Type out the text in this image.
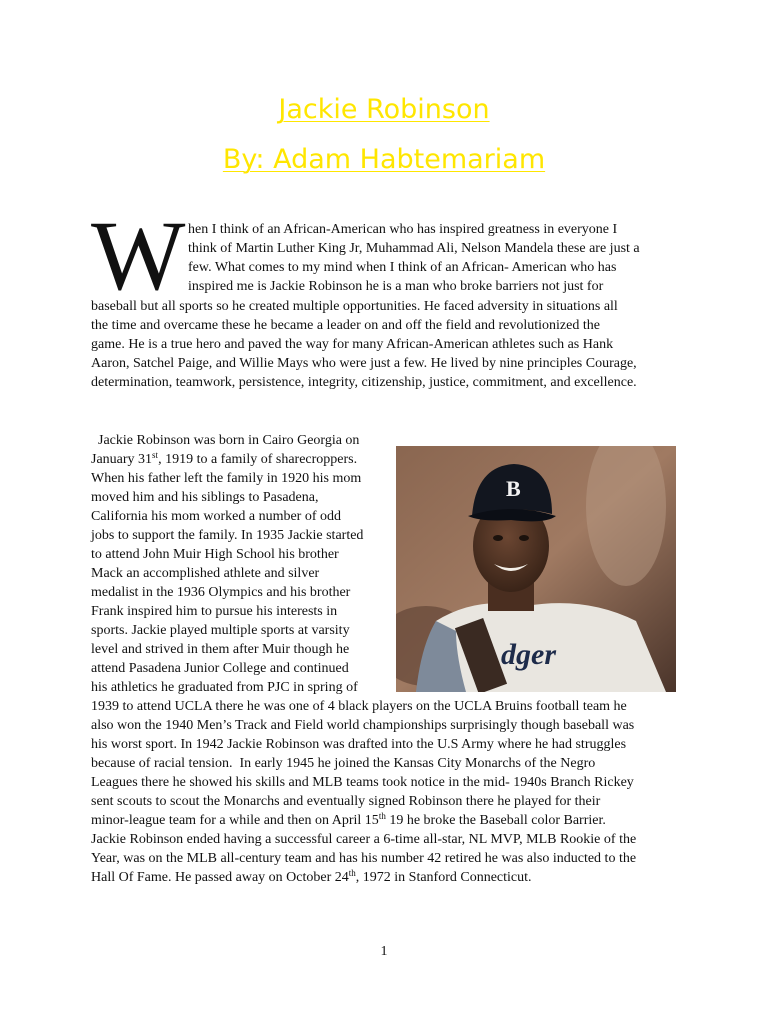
Jackie Robinson
By: Adam Habtemariam
W hen I think of an African-American who has inspired greatness in everyone I
think of Martin Luther King Jr, Muhammad Ali, Nelson Mandela these are just a
few. What comes to my mind when I think of an African- American who has
inspired me is Jackie Robinson he is a man who broke barriers not just for
baseball but all sports so he created multiple opportunities. He faced adversity in situations all
the time and overcame these he became a leader on and off the field and revolutionized the
game. He is a true hero and paved the way for many African-American athletes such as Hank
Aaron, Satchel Paige, and Willie Mays who were just a few. He lived by nine principles Courage,
determination, teamwork, persistence, integrity, citizenship, justice, commitment, and excellence.
Jackie Robinson was born in Cairo Georgia on
January 31st, 1919 to a family of sharecroppers.
When his father left the family in 1920 his mom
moved him and his siblings to Pasadena,
California his mom worked a number of odd
jobs to support the family. In 1935 Jackie started
to attend John Muir High School his brother
Mack an accomplished athlete and silver
medalist in the 1936 Olympics and his brother
Frank inspired him to pursue his interests in
sports. Jackie played multiple sports at varsity
level and strived in them after Muir though he
attend Pasadena Junior College and continued
his athletics he graduated from PJC in spring of
B
dger
1939 to attend UCLA there he was one of 4 black players on the UCLA Bruins football team he
also won the 1940 Men’s Track and Field world championships surprisingly though baseball was
his worst sport. In 1942 Jackie Robinson was drafted into the U.S Army where he had struggles
because of racial tension.  In early 1945 he joined the Kansas City Monarchs of the Negro
Leagues there he showed his skills and MLB teams took notice in the mid- 1940s Branch Rickey
sent scouts to scout the Monarchs and eventually signed Robinson there he played for their
minor-league team for a while and then on April 15th 19 he broke the Baseball color Barrier.
Jackie Robinson ended having a successful career a 6-time all-star, NL MVP, MLB Rookie of the
Year, was on the MLB all-century team and has his number 42 retired he was also inducted to the
Hall Of Fame. He passed away on October 24th, 1972 in Stanford Connecticut.
1
